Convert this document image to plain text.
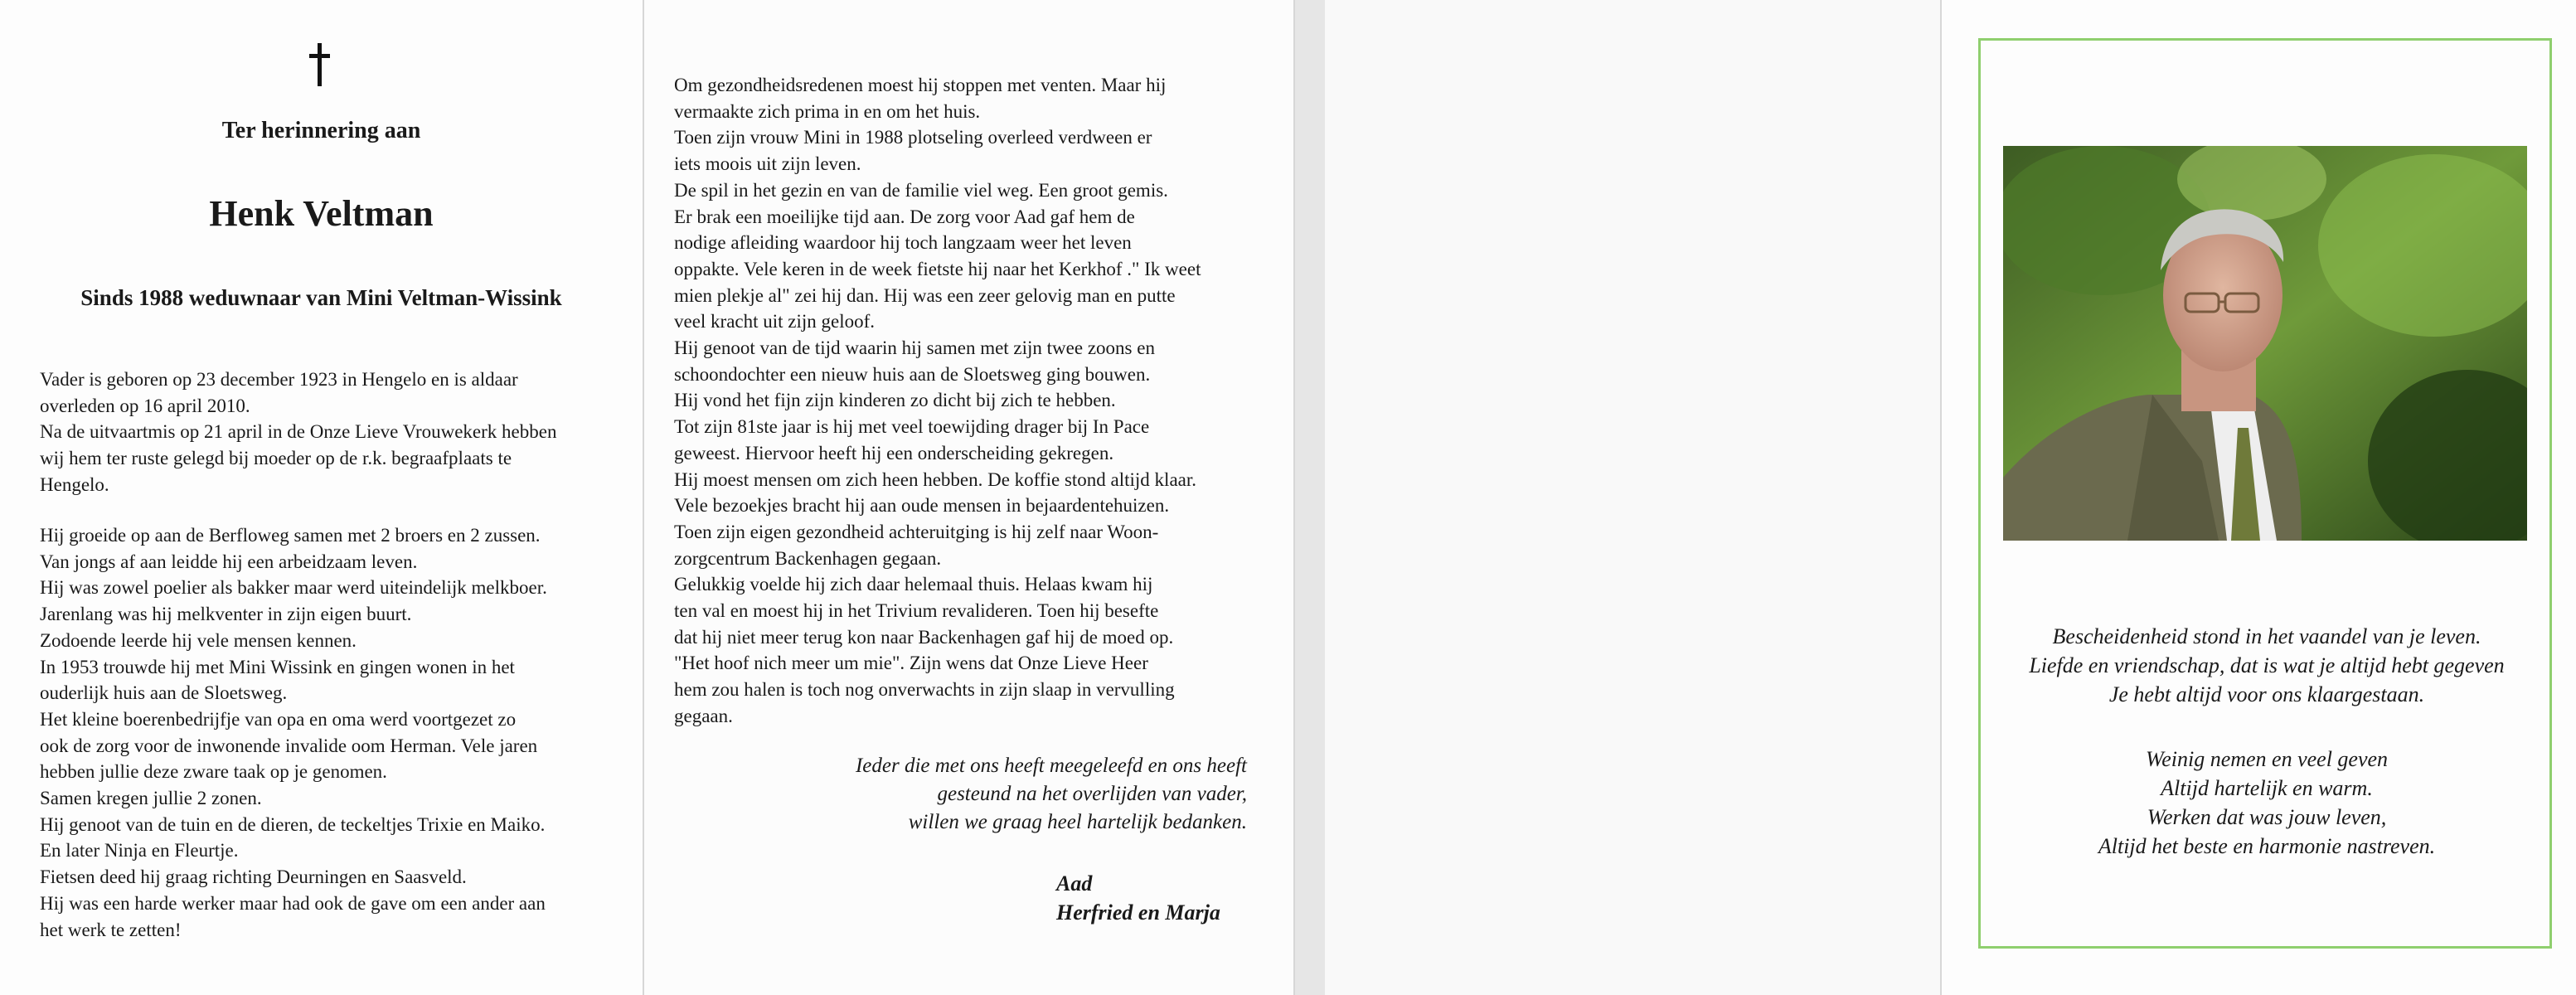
Ter herinnering aan
Henk Veltman
Sinds 1988 weduwnaar van Mini Veltman-Wissink

Vader is geboren op 23 december 1923 in Hengelo en is aldaar
overleden op 16 april 2010.
Na de uitvaartmis op 21 april in de Onze Lieve Vrouwekerk hebben
wij hem ter ruste gelegd bij moeder op de r.k. begraafplaats te
Hengelo.

Hij groeide op aan de Berfloweg samen met 2 broers en 2 zussen.
Van jongs af aan leidde hij een arbeidzaam leven.
Hij was zowel poelier als bakker maar werd uiteindelijk melkboer.
Jarenlang was hij melkventer in zijn eigen buurt.
Zodoende leerde hij vele mensen kennen.
In 1953 trouwde hij met Mini Wissink en gingen wonen in het
ouderlijk huis aan de Sloetsweg.
Het kleine boerenbedrijfje van opa en oma werd voortgezet zo
ook de zorg voor de inwonende invalide oom Herman. Vele jaren
hebben jullie deze zware taak op je genomen.
Samen kregen jullie 2 zonen.
Hij genoot van de tuin en de dieren, de teckeltjes Trixie en Maiko.
En later Ninja en Fleurtje.
Fietsen deed hij graag richting Deurningen en Saasveld.
Hij was een harde werker maar had ook de gave om een ander aan
het werk te zetten!

Om gezondheidsredenen moest hij stoppen met venten. Maar hij
vermaakte zich prima in en om het huis.
Toen zijn vrouw Mini in 1988 plotseling overleed verdween er
iets moois uit zijn leven.
De spil in het gezin en van de familie viel weg. Een groot gemis.
Er brak een moeilijke tijd aan. De zorg voor Aad gaf hem de
nodige afleiding waardoor hij toch langzaam weer het leven
oppakte. Vele keren in de week fietste hij naar het Kerkhof ." Ik weet
mien plekje al" zei hij dan. Hij was een zeer gelovig man en putte
veel kracht uit zijn geloof.
Hij genoot van de tijd waarin hij samen met zijn twee zoons en
schoondochter een nieuw huis aan de Sloetsweg ging bouwen.
Hij vond het fijn zijn kinderen zo dicht bij zich te hebben.
Tot zijn 81ste jaar is hij met veel toewijding drager bij In Pace
geweest. Hiervoor heeft hij een onderscheiding gekregen.
Hij moest mensen om zich heen hebben. De koffie stond altijd klaar.
Vele bezoekjes bracht hij aan oude mensen in bejaardentehuizen.
Toen zijn eigen gezondheid achteruitging is hij zelf naar Woon-
zorgcentrum Backenhagen gegaan.
Gelukkig voelde hij zich daar helemaal thuis. Helaas kwam hij
ten val en moest hij in het Trivium revalideren. Toen hij besefte
dat hij niet meer terug kon naar Backenhagen gaf hij de moed op.
"Het hoof nich meer um mie". Zijn wens dat Onze Lieve Heer
hem zou halen is toch nog onverwachts in zijn slaap in vervulling
gegaan.

Ieder die met ons heeft meegeleefd en ons heeft
gesteund na het overlijden van vader,
willen we graag heel hartelijk bedanken.
Aad
Herfried en Marja
Bescheidenheid stond in het vaandel van je leven.
Liefde en vriendschap, dat is wat je altijd hebt gegeven
Je hebt altijd voor ons klaargestaan.
Weinig nemen en veel geven
Altijd hartelijk en warm.
Werken dat was jouw leven,
Altijd het beste en harmonie nastreven.
